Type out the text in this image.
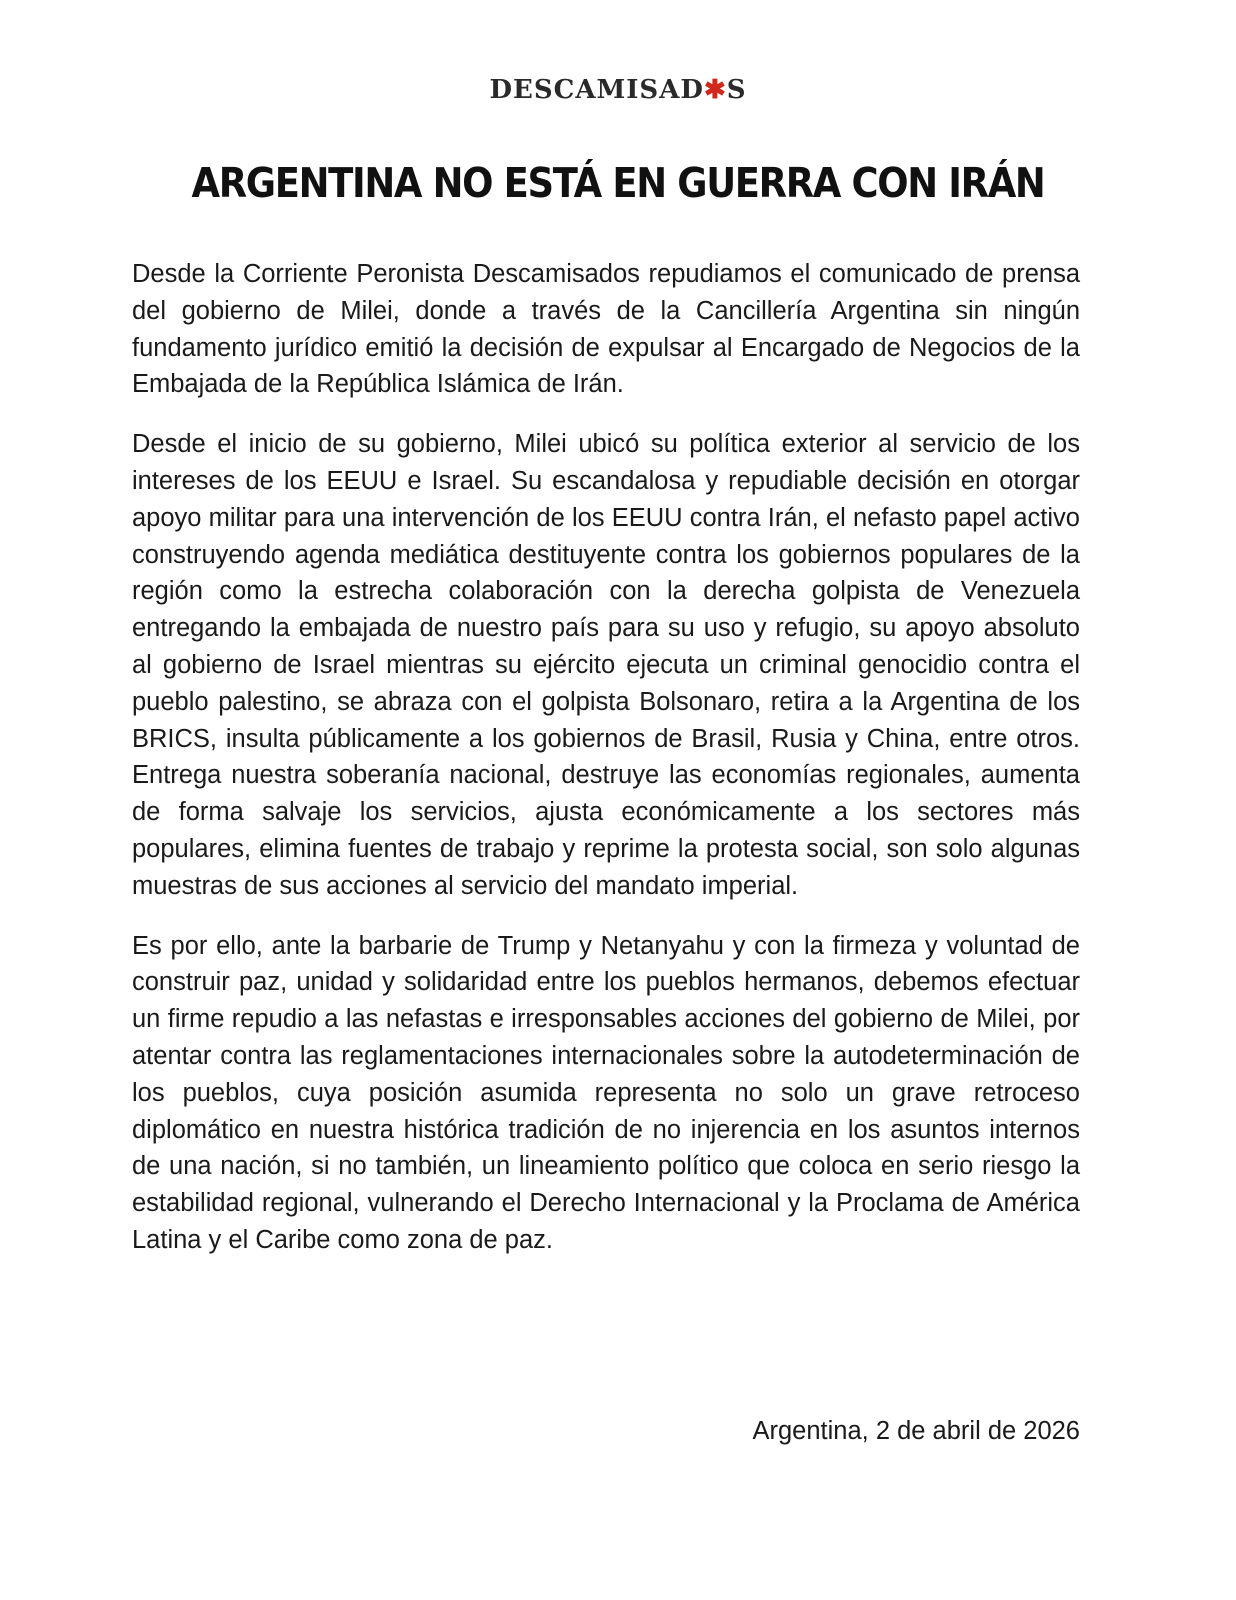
DESCAMISAD✱S
ARGENTINA NO ESTÁ EN GUERRA CON IRÁN

Desde la Corriente Peronista Descamisados repudiamos el comunicado de prensa del gobierno de Milei, donde a través de la Cancillería Argentina sin ningún fundamento jurídico emitió la decisión de expulsar al Encargado de Negocios de la Embajada de la República Islámica de Irán.

Desde el inicio de su gobierno, Milei ubicó su política exterior al servicio de los intereses de los EEUU e Israel. Su escandalosa y repudiable decisión en otorgar apoyo militar para una intervención de los EEUU contra Irán, el nefasto papel activo construyendo agenda mediática destituyente contra los gobiernos populares de la región como la estrecha colaboración con la derecha golpista de Venezuela entregando la embajada de nuestro país para su uso y refugio, su apoyo absoluto al gobierno de Israel mientras su ejército ejecuta un criminal genocidio contra el pueblo palestino, se abraza con el golpista Bolsonaro, retira a la Argentina de los BRICS, insulta públicamente a los gobiernos de Brasil, Rusia y China, entre otros. Entrega nuestra soberanía nacional, destruye las economías regionales, aumenta de forma salvaje los servicios, ajusta económicamente a los sectores más populares, elimina fuentes de trabajo y reprime la protesta social, son solo algunas muestras de sus acciones al servicio del mandato imperial.

Es por ello, ante la barbarie de Trump y Netanyahu y con la firmeza y voluntad de construir paz, unidad y solidaridad entre los pueblos hermanos, debemos efectuar un firme repudio a las nefastas e irresponsables acciones del gobierno de Milei, por atentar contra las reglamentaciones internacionales sobre la autodeterminación de los pueblos, cuya posición asumida representa no solo un grave retroceso diplomático en nuestra histórica tradición de no injerencia en los asuntos internos de una nación, si no también, un lineamiento político que coloca en serio riesgo la estabilidad regional, vulnerando el Derecho Internacional y la Proclama de América Latina y el Caribe como zona de paz.

Argentina, 2 de abril de 2026
